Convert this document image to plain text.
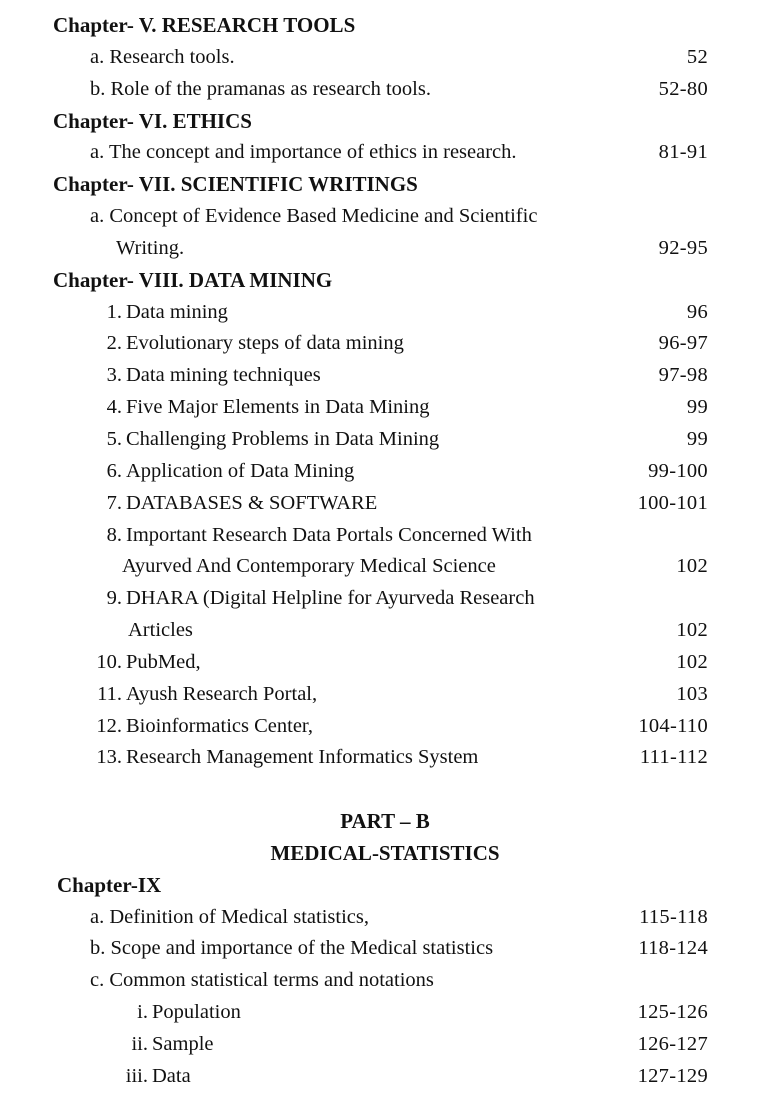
Chapter- V. RESEARCH TOOLS
a. Research tools.	52
b. Role of the pramanas as research tools.	52-80
Chapter- VI. ETHICS
a. The concept and importance of ethics in research.	81-91
Chapter- VII. SCIENTIFIC WRITINGS
a. Concept of Evidence Based Medicine and Scientific
Writing.	92-95
Chapter- VIII. DATA MINING
1. Data mining	96
2. Evolutionary steps of data mining	96-97
3. Data mining techniques	97-98
4. Five Major Elements in Data Mining	99
5. Challenging Problems in Data Mining	99
6. Application of Data Mining	99-100
7. DATABASES & SOFTWARE	100-101
8. Important Research Data Portals Concerned With
Ayurved And Contemporary Medical Science	102
9. DHARA (Digital Helpline for Ayurveda Research
Articles	102
10. PubMed,	102
11. Ayush Research Portal,	103
12. Bioinformatics Center,	104-110
13. Research Management Informatics System	111-112
PART – B
MEDICAL-STATISTICS
Chapter-IX
a. Definition of Medical statistics,	115-118
b. Scope and importance of the Medical statistics	118-124
c. Common statistical terms and notations
i. Population	125-126
ii. Sample	126-127
iii. Data	127-129
